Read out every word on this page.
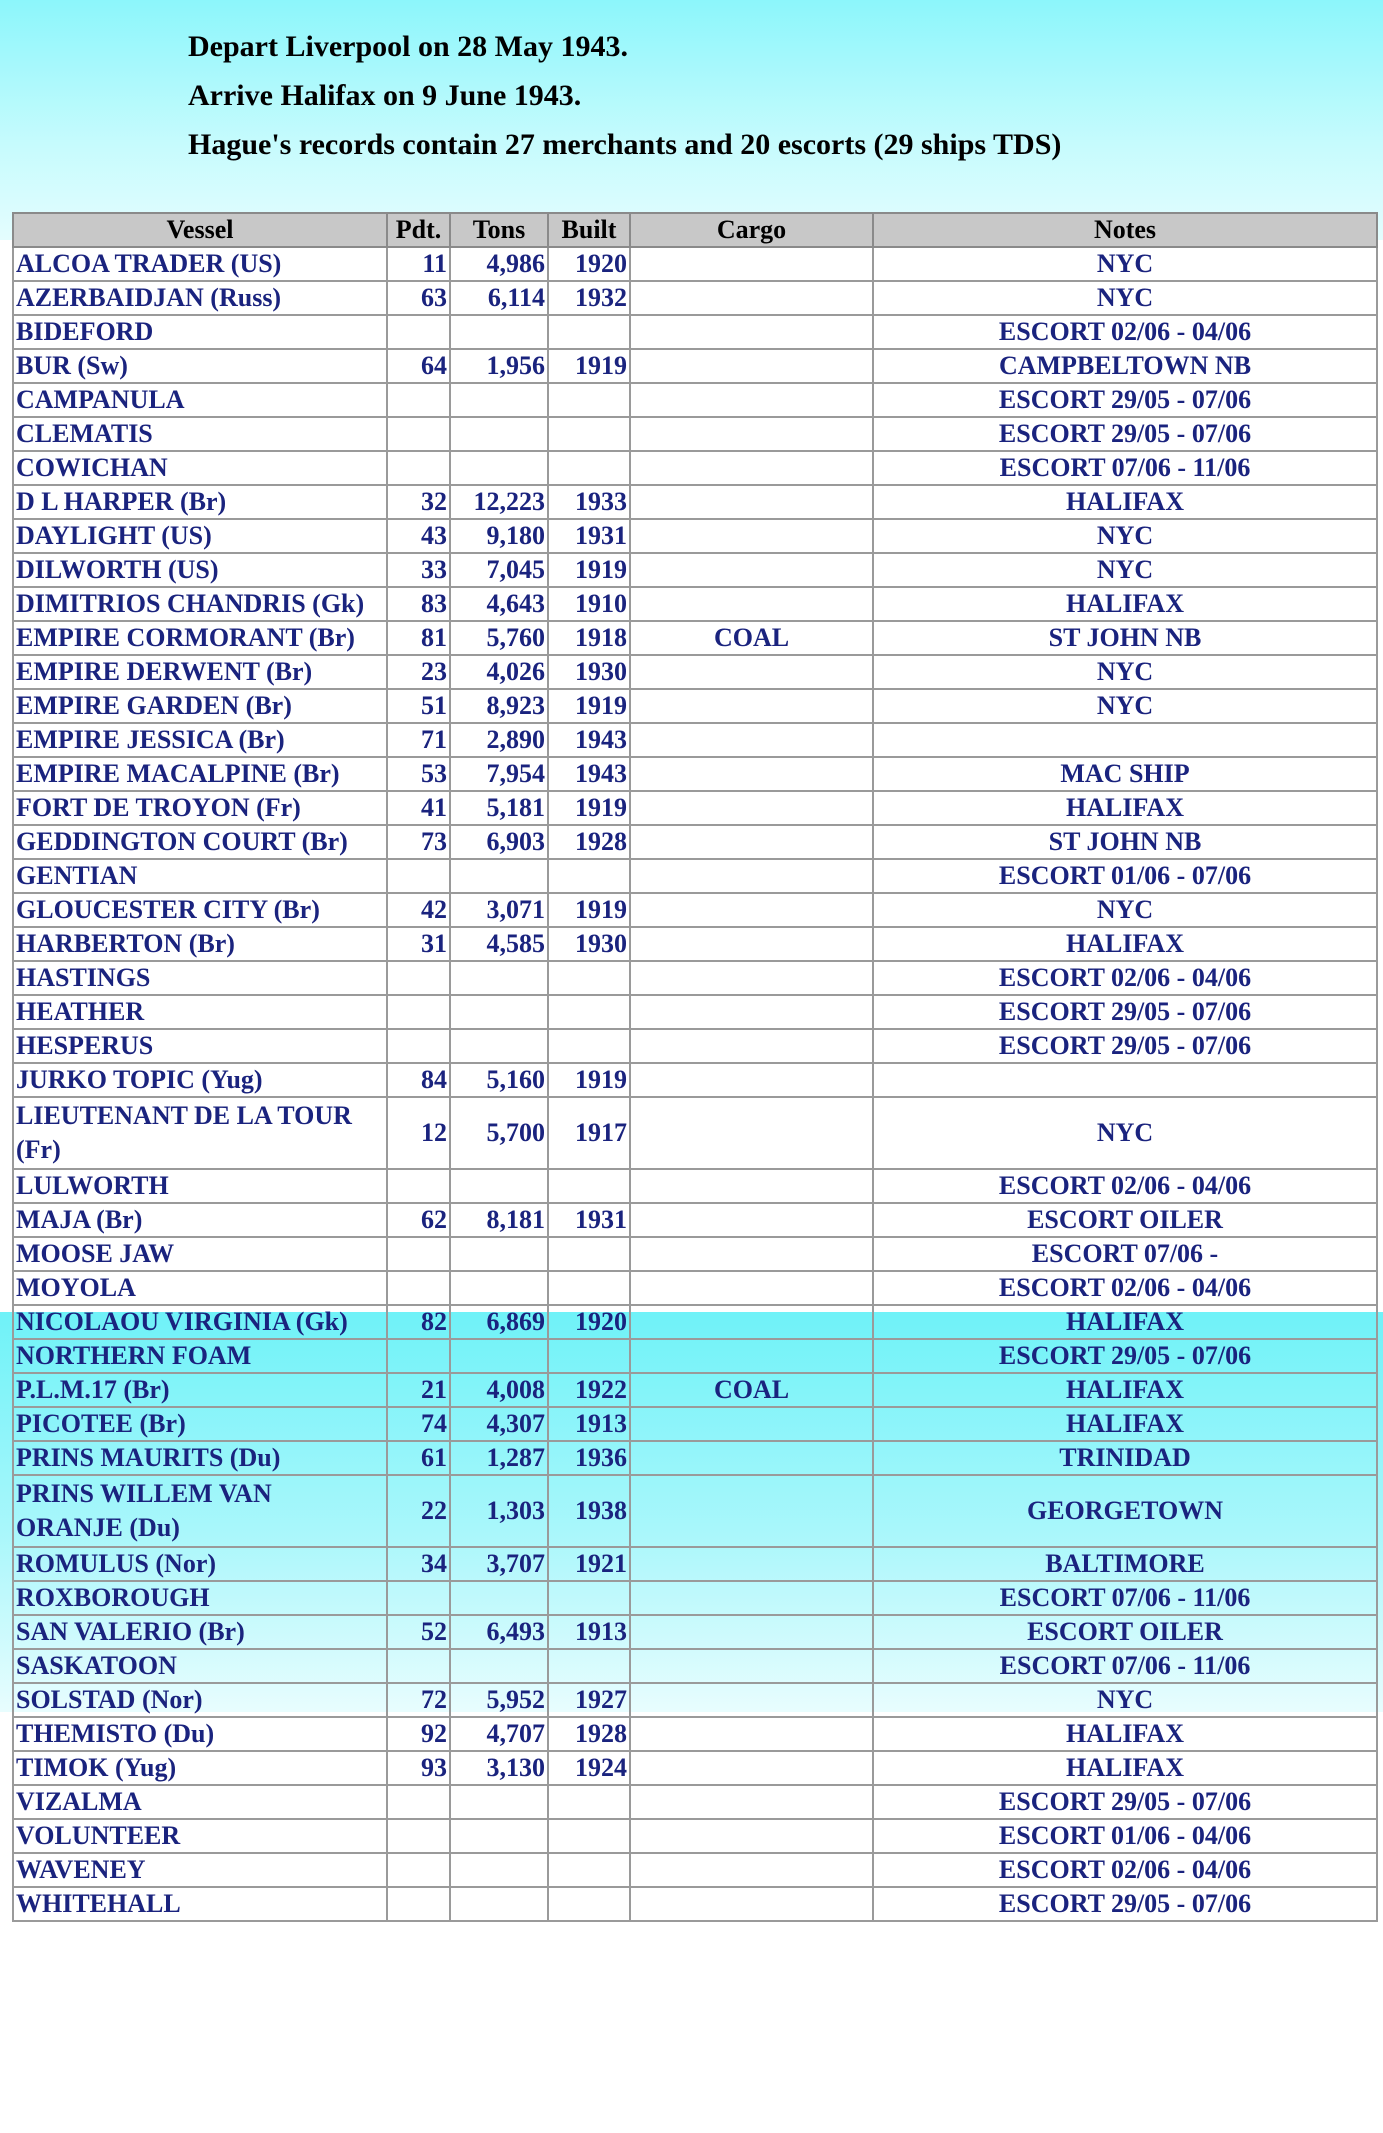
Depart Liverpool on 28 May 1943.
Arrive Halifax on 9 June 1943.
Hague's records contain 27 merchants and 20 escorts (29 ships TDS)
Vessel	Pdt.	Tons	Built	Cargo	Notes
ALCOA TRADER (US)	11	4,986	1920		NYC
AZERBAIDJAN (Russ)	63	6,114	1932		NYC
BIDEFORD					ESCORT 02/06 - 04/06
BUR (Sw)	64	1,956	1919		CAMPBELTOWN NB
CAMPANULA					ESCORT 29/05 - 07/06
CLEMATIS					ESCORT 29/05 - 07/06
COWICHAN					ESCORT 07/06 - 11/06
D L HARPER (Br)	32	12,223	1933		HALIFAX
DAYLIGHT (US)	43	9,180	1931		NYC
DILWORTH (US)	33	7,045	1919		NYC
DIMITRIOS CHANDRIS (Gk)	83	4,643	1910		HALIFAX
EMPIRE CORMORANT (Br)	81	5,760	1918	COAL	ST JOHN NB
EMPIRE DERWENT (Br)	23	4,026	1930		NYC
EMPIRE GARDEN (Br)	51	8,923	1919		NYC
EMPIRE JESSICA (Br)	71	2,890	1943		
EMPIRE MACALPINE (Br)	53	7,954	1943		MAC SHIP
FORT DE TROYON (Fr)	41	5,181	1919		HALIFAX
GEDDINGTON COURT (Br)	73	6,903	1928		ST JOHN NB
GENTIAN					ESCORT 01/06 - 07/06
GLOUCESTER CITY (Br)	42	3,071	1919		NYC
HARBERTON (Br)	31	4,585	1930		HALIFAX
HASTINGS					ESCORT 02/06 - 04/06
HEATHER					ESCORT 29/05 - 07/06
HESPERUS					ESCORT 29/05 - 07/06
JURKO TOPIC (Yug)	84	5,160	1919		
LIEUTENANT DE LA TOUR (Fr)	12	5,700	1917		NYC
LULWORTH					ESCORT 02/06 - 04/06
MAJA (Br)	62	8,181	1931		ESCORT OILER
MOOSE JAW					ESCORT 07/06 -
MOYOLA					ESCORT 02/06 - 04/06
NICOLAOU VIRGINIA (Gk)	82	6,869	1920		HALIFAX
NORTHERN FOAM					ESCORT 29/05 - 07/06
P.L.M.17 (Br)	21	4,008	1922	COAL	HALIFAX
PICOTEE (Br)	74	4,307	1913		HALIFAX
PRINS MAURITS (Du)	61	1,287	1936		TRINIDAD
PRINS WILLEM VAN ORANJE (Du)	22	1,303	1938		GEORGETOWN
ROMULUS (Nor)	34	3,707	1921		BALTIMORE
ROXBOROUGH					ESCORT 07/06 - 11/06
SAN VALERIO (Br)	52	6,493	1913		ESCORT OILER
SASKATOON					ESCORT 07/06 - 11/06
SOLSTAD (Nor)	72	5,952	1927		NYC
THEMISTO (Du)	92	4,707	1928		HALIFAX
TIMOK (Yug)	93	3,130	1924		HALIFAX
VIZALMA					ESCORT 29/05 - 07/06
VOLUNTEER					ESCORT 01/06 - 04/06
WAVENEY					ESCORT 02/06 - 04/06
WHITEHALL					ESCORT 29/05 - 07/06
